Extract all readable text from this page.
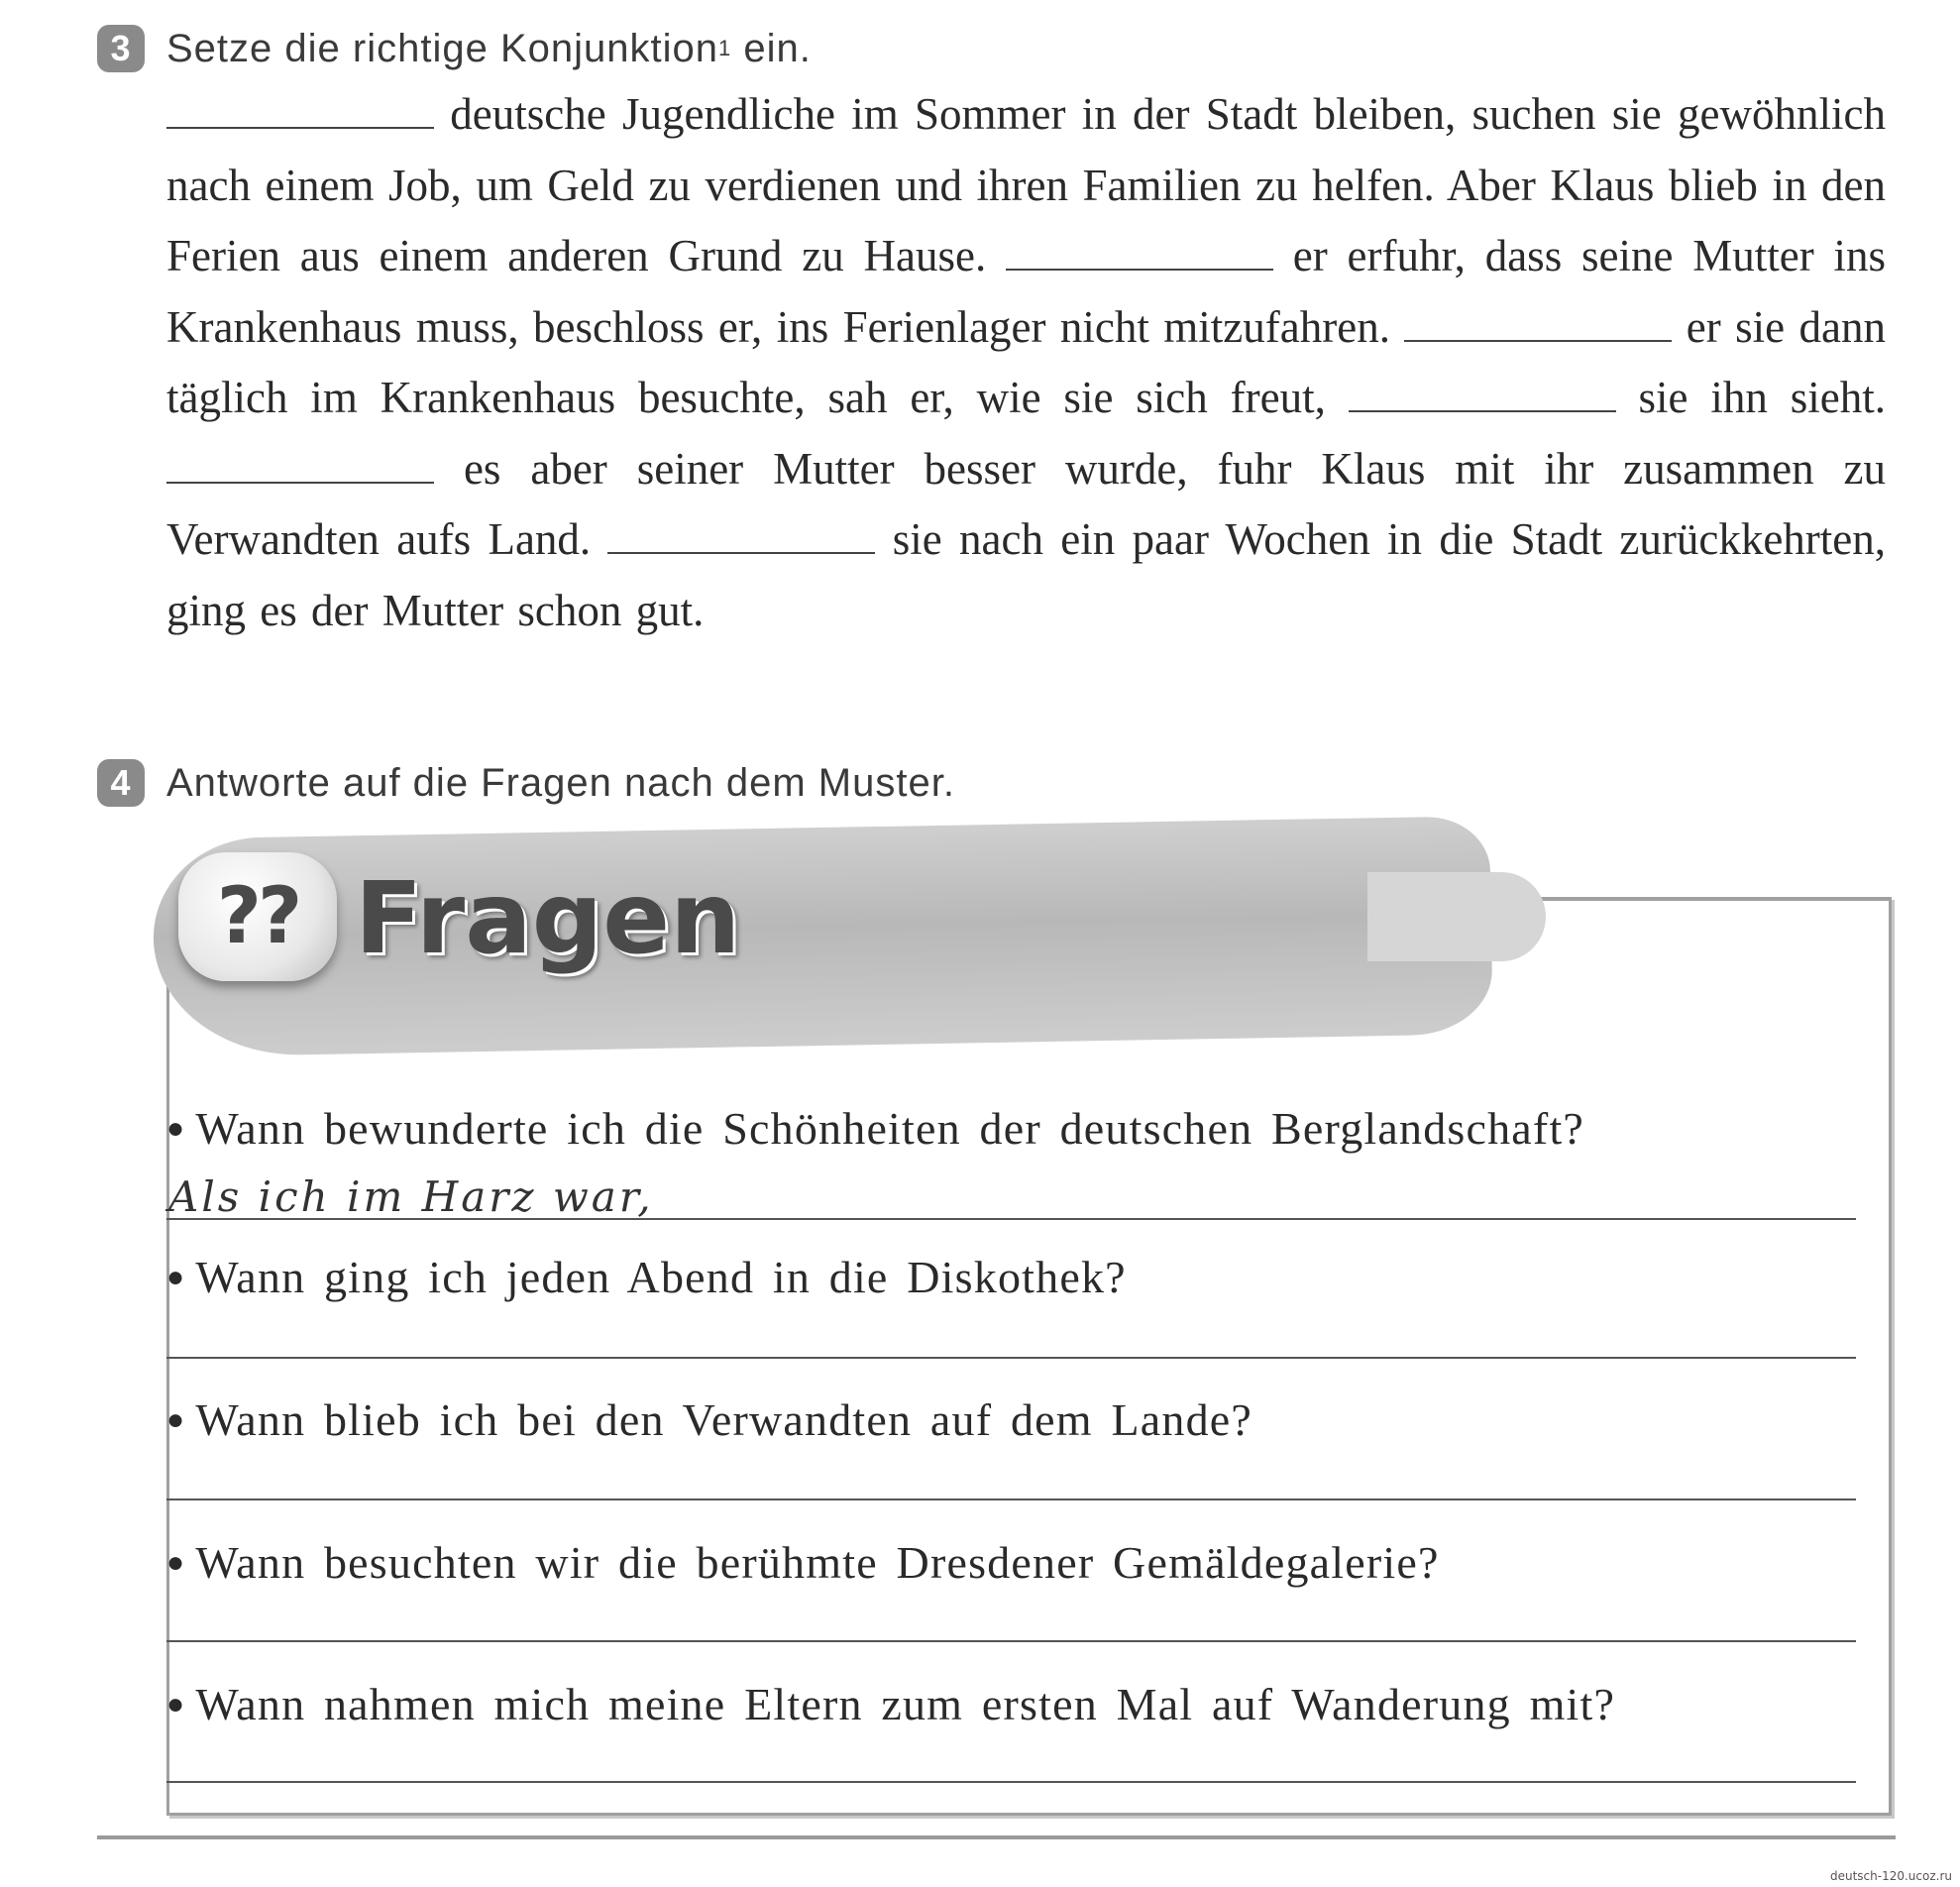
3 Setze die richtige Konjunktion 1
ein.
deutsche Jugendliche im Sommer in der Stadt bleiben, suchen sie gewöhnlich nach einem Job, um Geld zu verdienen und ihren Familien zu helfen. Aber Klaus blieb in den Ferien aus einem anderen Grund zu Hause.	er erfuhr, dass seine Mutter ins Krankenhaus muss, beschloss er, ins Ferienlager nicht mitzufahren.	er sie dann täglich im Krankenhaus besuchte, sah er, wie sie sich freut,	sie ihn sieht.  es aber seiner Mutter besser wurde, fuhr Klaus mit ihr zusammen zu Verwandten aufs Land.	sie nach ein paar Wochen in die Stadt zurückkehrten, ging es der Mutter schon gut.
4 Antworte auf die Fragen nach dem Muster.
?? Fragen
● Wann bewunderte ich die Schönheiten der deutschen Berglandschaft?
Als ich im Harz war,
● Wann ging ich jeden Abend in die Diskothek?
● Wann blieb ich bei den Verwandten auf dem Lande?
● Wann besuchten wir die berühmte Dresdener Gemäldegalerie?
● Wann nahmen mich meine Eltern zum ersten Mal auf Wanderung mit?
deutsch-120.ucoz.ru
